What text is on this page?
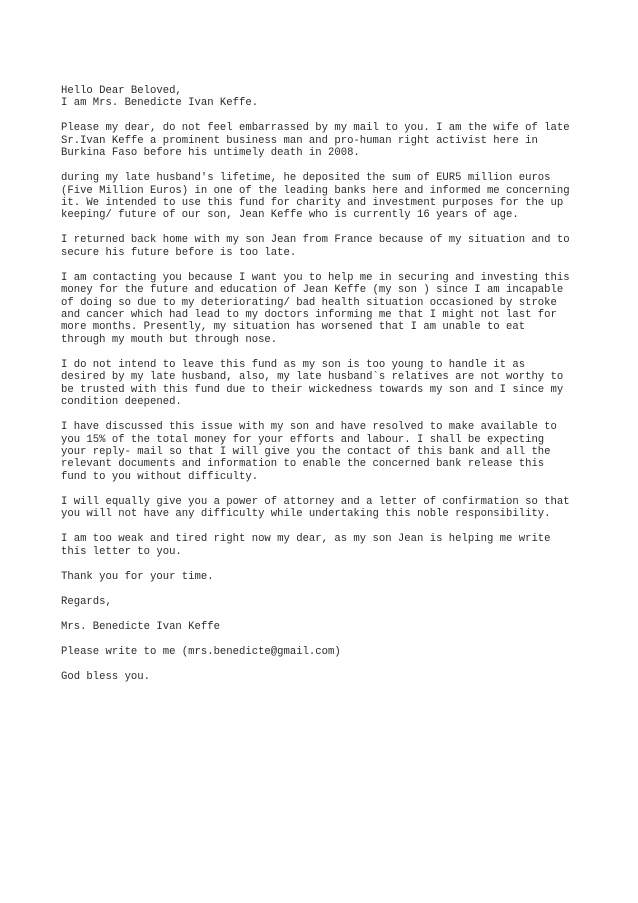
Hello Dear Beloved,
I am Mrs. Benedicte Ivan Keffe.

Please my dear, do not feel embarrassed by my mail to you. I am the wife of late
Sr.Ivan Keffe a prominent business man and pro-human right activist here in
Burkina Faso before his untimely death in 2008.

during my late husband's lifetime, he deposited the sum of EUR5 million euros
(Five Million Euros) in one of the leading banks here and informed me concerning
it. We intended to use this fund for charity and investment purposes for the up
keeping/ future of our son, Jean Keffe who is currently 16 years of age.

I returned back home with my son Jean from France because of my situation and to
secure his future before is too late.

I am contacting you because I want you to help me in securing and investing this
money for the future and education of Jean Keffe (my son ) since I am incapable
of doing so due to my deteriorating/ bad health situation occasioned by stroke
and cancer which had lead to my doctors informing me that I might not last for
more months. Presently, my situation has worsened that I am unable to eat
through my mouth but through nose.

I do not intend to leave this fund as my son is too young to handle it as
desired by my late husband, also, my late husband`s relatives are not worthy to
be trusted with this fund due to their wickedness towards my son and I since my
condition deepened.

I have discussed this issue with my son and have resolved to make available to
you 15% of the total money for your efforts and labour. I shall be expecting
your reply- mail so that I will give you the contact of this bank and all the
relevant documents and information to enable the concerned bank release this
fund to you without difficulty.

I will equally give you a power of attorney and a letter of confirmation so that
you will not have any difficulty while undertaking this noble responsibility.

I am too weak and tired right now my dear, as my son Jean is helping me write
this letter to you.

Thank you for your time.

Regards,

Mrs. Benedicte Ivan Keffe

Please write to me (mrs.benedicte@gmail.com)

God bless you.
